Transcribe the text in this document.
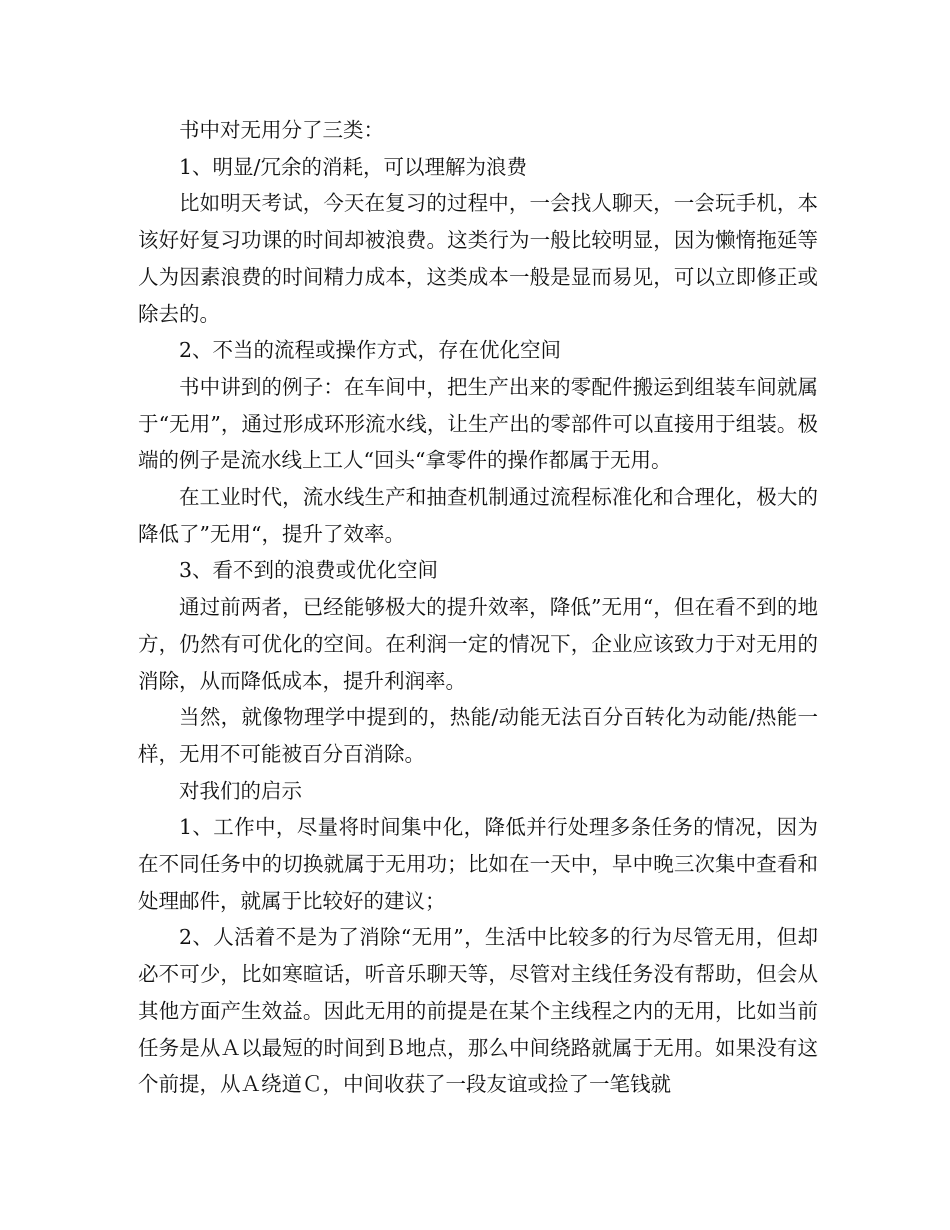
书中对无用分了三类：

1、明显/冗余的消耗，可以理解为浪费

比如明天考试，今天在复习的过程中，一会找人聊天，一会玩手机，本该好好复习功课的时间却被浪费。这类行为一般比较明显，因为懒惰拖延等人为因素浪费的时间精力成本，这类成本一般是显而易见，可以立即修正或除去的。

2、不当的流程或操作方式，存在优化空间

书中讲到的例子：在车间中，把生产出来的零配件搬运到组装车间就属于“无用”，通过形成环形流水线，让生产出的零部件可以直接用于组装。极端的例子是流水线上工人“回头“拿零件的操作都属于无用。

在工业时代，流水线生产和抽查机制通过流程标准化和合理化，极大的降低了”无用“，提升了效率。

3、看不到的浪费或优化空间

通过前两者，已经能够极大的提升效率，降低”无用“，但在看不到的地方，仍然有可优化的空间。在利润一定的情况下，企业应该致力于对无用的消除，从而降低成本，提升利润率。

当然，就像物理学中提到的，热能/动能无法百分百转化为动能/热能一样，无用不可能被百分百消除。

对我们的启示

1、工作中，尽量将时间集中化，降低并行处理多条任务的情况，因为在不同任务中的切换就属于无用功；比如在一天中，早中晚三次集中查看和处理邮件，就属于比较好的建议；

2、人活着不是为了消除“无用”，生活中比较多的行为尽管无用，但却必不可少，比如寒暄话，听音乐聊天等，尽管对主线任务没有帮助，但会从其他方面产生效益。因此无用的前提是在某个主线程之内的无用，比如当前任务是从Ａ以最短的时间到Ｂ地点，那么中间绕路就属于无用。如果没有这个前提，从Ａ绕道Ｃ，中间收获了一段友谊或捡了一笔钱就
